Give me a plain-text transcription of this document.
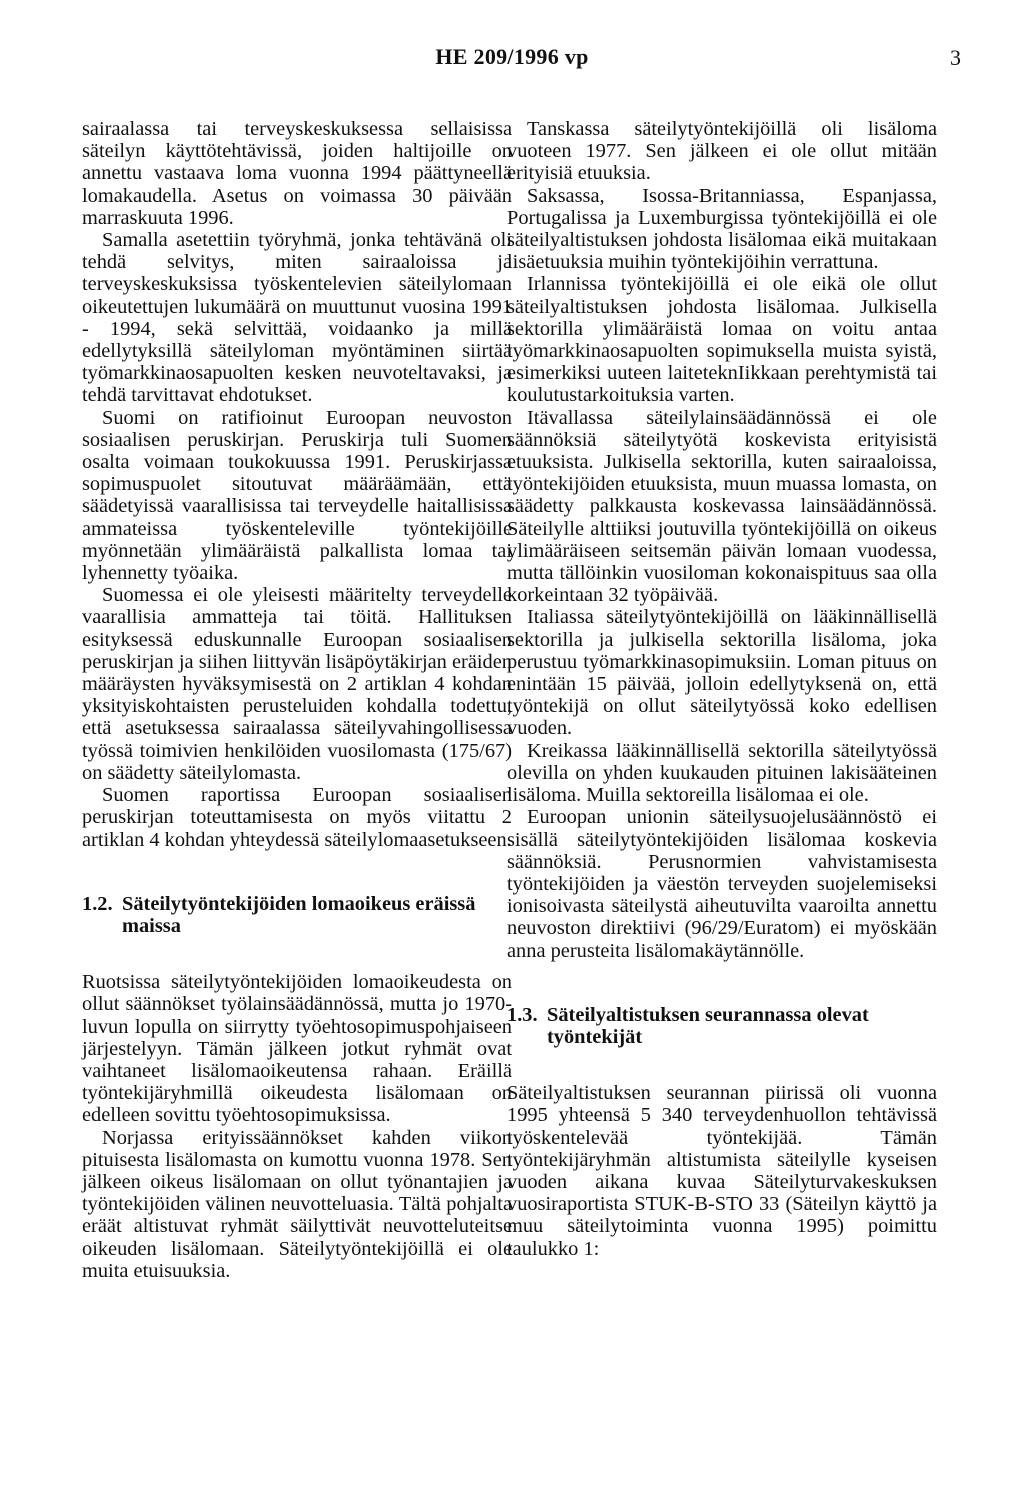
HE 209/1996 vp	3

sairaalassa tai terveyskeskuksessa sellaisissa säteilyn käyttötehtävissä, joiden haltijoille on annettu vastaava loma vuonna 1994 päättyneellä lomakaudella. Asetus on voimassa 30 päivään marraskuuta 1996.

Samalla asetettiin työryhmä, jonka tehtävänä oli tehdä selvitys, miten sairaaloissa ja terveyskeskuksissa työskentelevien säteilylomaan oikeutettujen lukumäärä on muuttunut vuosina 1991 - 1994, sekä selvittää, voidaanko ja millä edellytyksillä säteilyloman myöntäminen siirtää työmarkkinaosapuolten kesken neuvoteltavaksi, ja tehdä tarvittavat ehdotukset.

Suomi on ratifioinut Euroopan neuvoston sosiaalisen peruskirjan. Peruskirja tuli Suomen osalta voimaan toukokuussa 1991. Peruskirjassa sopimuspuolet sitoutuvat määräämään, että säädetyissä vaarallisissa tai terveydelle haitallisissa ammateissa työskenteleville työntekijöille myönnetään ylimääräistä palkallista lomaa tai lyhennetty työaika.

Suomessa ei ole yleisesti määritelty terveydelle vaarallisia ammatteja tai töitä. Hallituksen esityksessä eduskunnalle Euroopan sosiaalisen peruskirjan ja siihen liittyvän lisäpöytäkirjan eräiden määräysten hyväksymisestä on 2 artiklan 4 kohdan yksityiskohtaisten perusteluiden kohdalla todettu, että asetuksessa sairaalassa säteilyvahingollisessa työssä toimivien henkilöiden vuosilomasta (175/67) on säädetty säteilylomasta.

Suomen raportissa Euroopan sosiaalisen peruskirjan toteuttamisesta on myös viitattu 2 artiklan 4 kohdan yhteydessä säteilylomaasetukseen.

1.2. Säteilytyöntekijöiden lomaoikeus eräissä maissa

Ruotsissa säteilytyöntekijöiden lomaoikeudesta on ollut säännökset työlainsäädännössä, mutta jo 1970-luvun lopulla on siirrytty työehtosopimuspohjaiseen järjestelyyn. Tämän jälkeen jotkut ryhmät ovat vaihtaneet lisälomaoikeutensa rahaan. Eräillä työntekijäryhmillä oikeudesta lisälomaan on edelleen sovittu työehtosopimuksissa.

Norjassa erityissäännökset kahden viikon pituisesta lisälomasta on kumottu vuonna 1978. Sen jälkeen oikeus lisälomaan on ollut työnantajien ja työntekijöiden välinen neuvotteluasia. Tältä pohjalta eräät altistuvat ryhmät säilyttivät neuvotteluteitse oikeuden lisälomaan. Säteilytyöntekijöillä ei ole muita etuisuuksia.

Tanskassa säteilytyöntekijöillä oli lisäloma vuoteen 1977. Sen jälkeen ei ole ollut mitään erityisiä etuuksia.

Saksassa, Isossa-Britanniassa, Espanjassa, Portugalissa ja Luxemburgissa työntekijöillä ei ole säteilyaltistuksen johdosta lisälomaa eikä muitakaan lisäetuuksia muihin työntekijöihin verrattuna.

Irlannissa työntekijöillä ei ole eikä ole ollut säteilyaltistuksen johdosta lisälomaa. Julkisella sektorilla ylimääräistä lomaa on voitu antaa työmarkkinaosapuolten sopimuksella muista syistä, esimerkiksi uuteen laiteteknIikkaan perehtymistä tai koulutustarkoituksia varten.

Itävallassa säteilylainsäädännössä ei ole säännöksiä säteilytyötä koskevista erityisistä etuuksista. Julkisella sektorilla, kuten sairaaloissa, työntekijöiden etuuksista, muun muassa lomasta, on säädetty palkkausta koskevassa lainsäädännössä. Säteilylle alttiiksi joutuvilla työntekijöillä on oikeus ylimääräiseen seitsemän päivän lomaan vuodessa, mutta tällöinkin vuosiloman kokonaispituus saa olla korkeintaan 32 työpäivää.

Italiassa säteilytyöntekijöillä on lääkinnällisellä sektorilla ja julkisella sektorilla lisäloma, joka perustuu työmarkkinasopimuksiin. Loman pituus on enintään 15 päivää, jolloin edellytyksenä on, että työntekijä on ollut säteilytyössä koko edellisen vuoden.

Kreikassa lääkinnällisellä sektorilla säteilytyössä olevilla on yhden kuukauden pituinen lakisääteinen lisäloma. Muilla sektoreilla lisälomaa ei ole.

Euroopan unionin säteilysuojelusäännöstö ei sisällä säteilytyöntekijöiden lisälomaa koskevia säännöksiä. Perusnormien vahvistamisesta työntekijöiden ja väestön terveyden suojelemiseksi ionisoivasta säteilystä aiheutuvilta vaaroilta annettu neuvoston direktiivi (96/29/Euratom) ei myöskään anna perusteita lisälomakäytännölle.

1.3. Säteilyaltistuksen seurannassa olevat työntekijät

Säteilyaltistuksen seurannan piirissä oli vuonna 1995 yhteensä 5 340 terveydenhuollon tehtävissä työskentelevää työntekijää. Tämän työntekijäryhmän altistumista säteilylle kyseisen vuoden aikana kuvaa Säteilyturvakeskuksen vuosiraportista STUK-B-STO 33 (Säteilyn käyttö ja muu säteilytoiminta vuonna 1995) poimittu taulukko 1:
